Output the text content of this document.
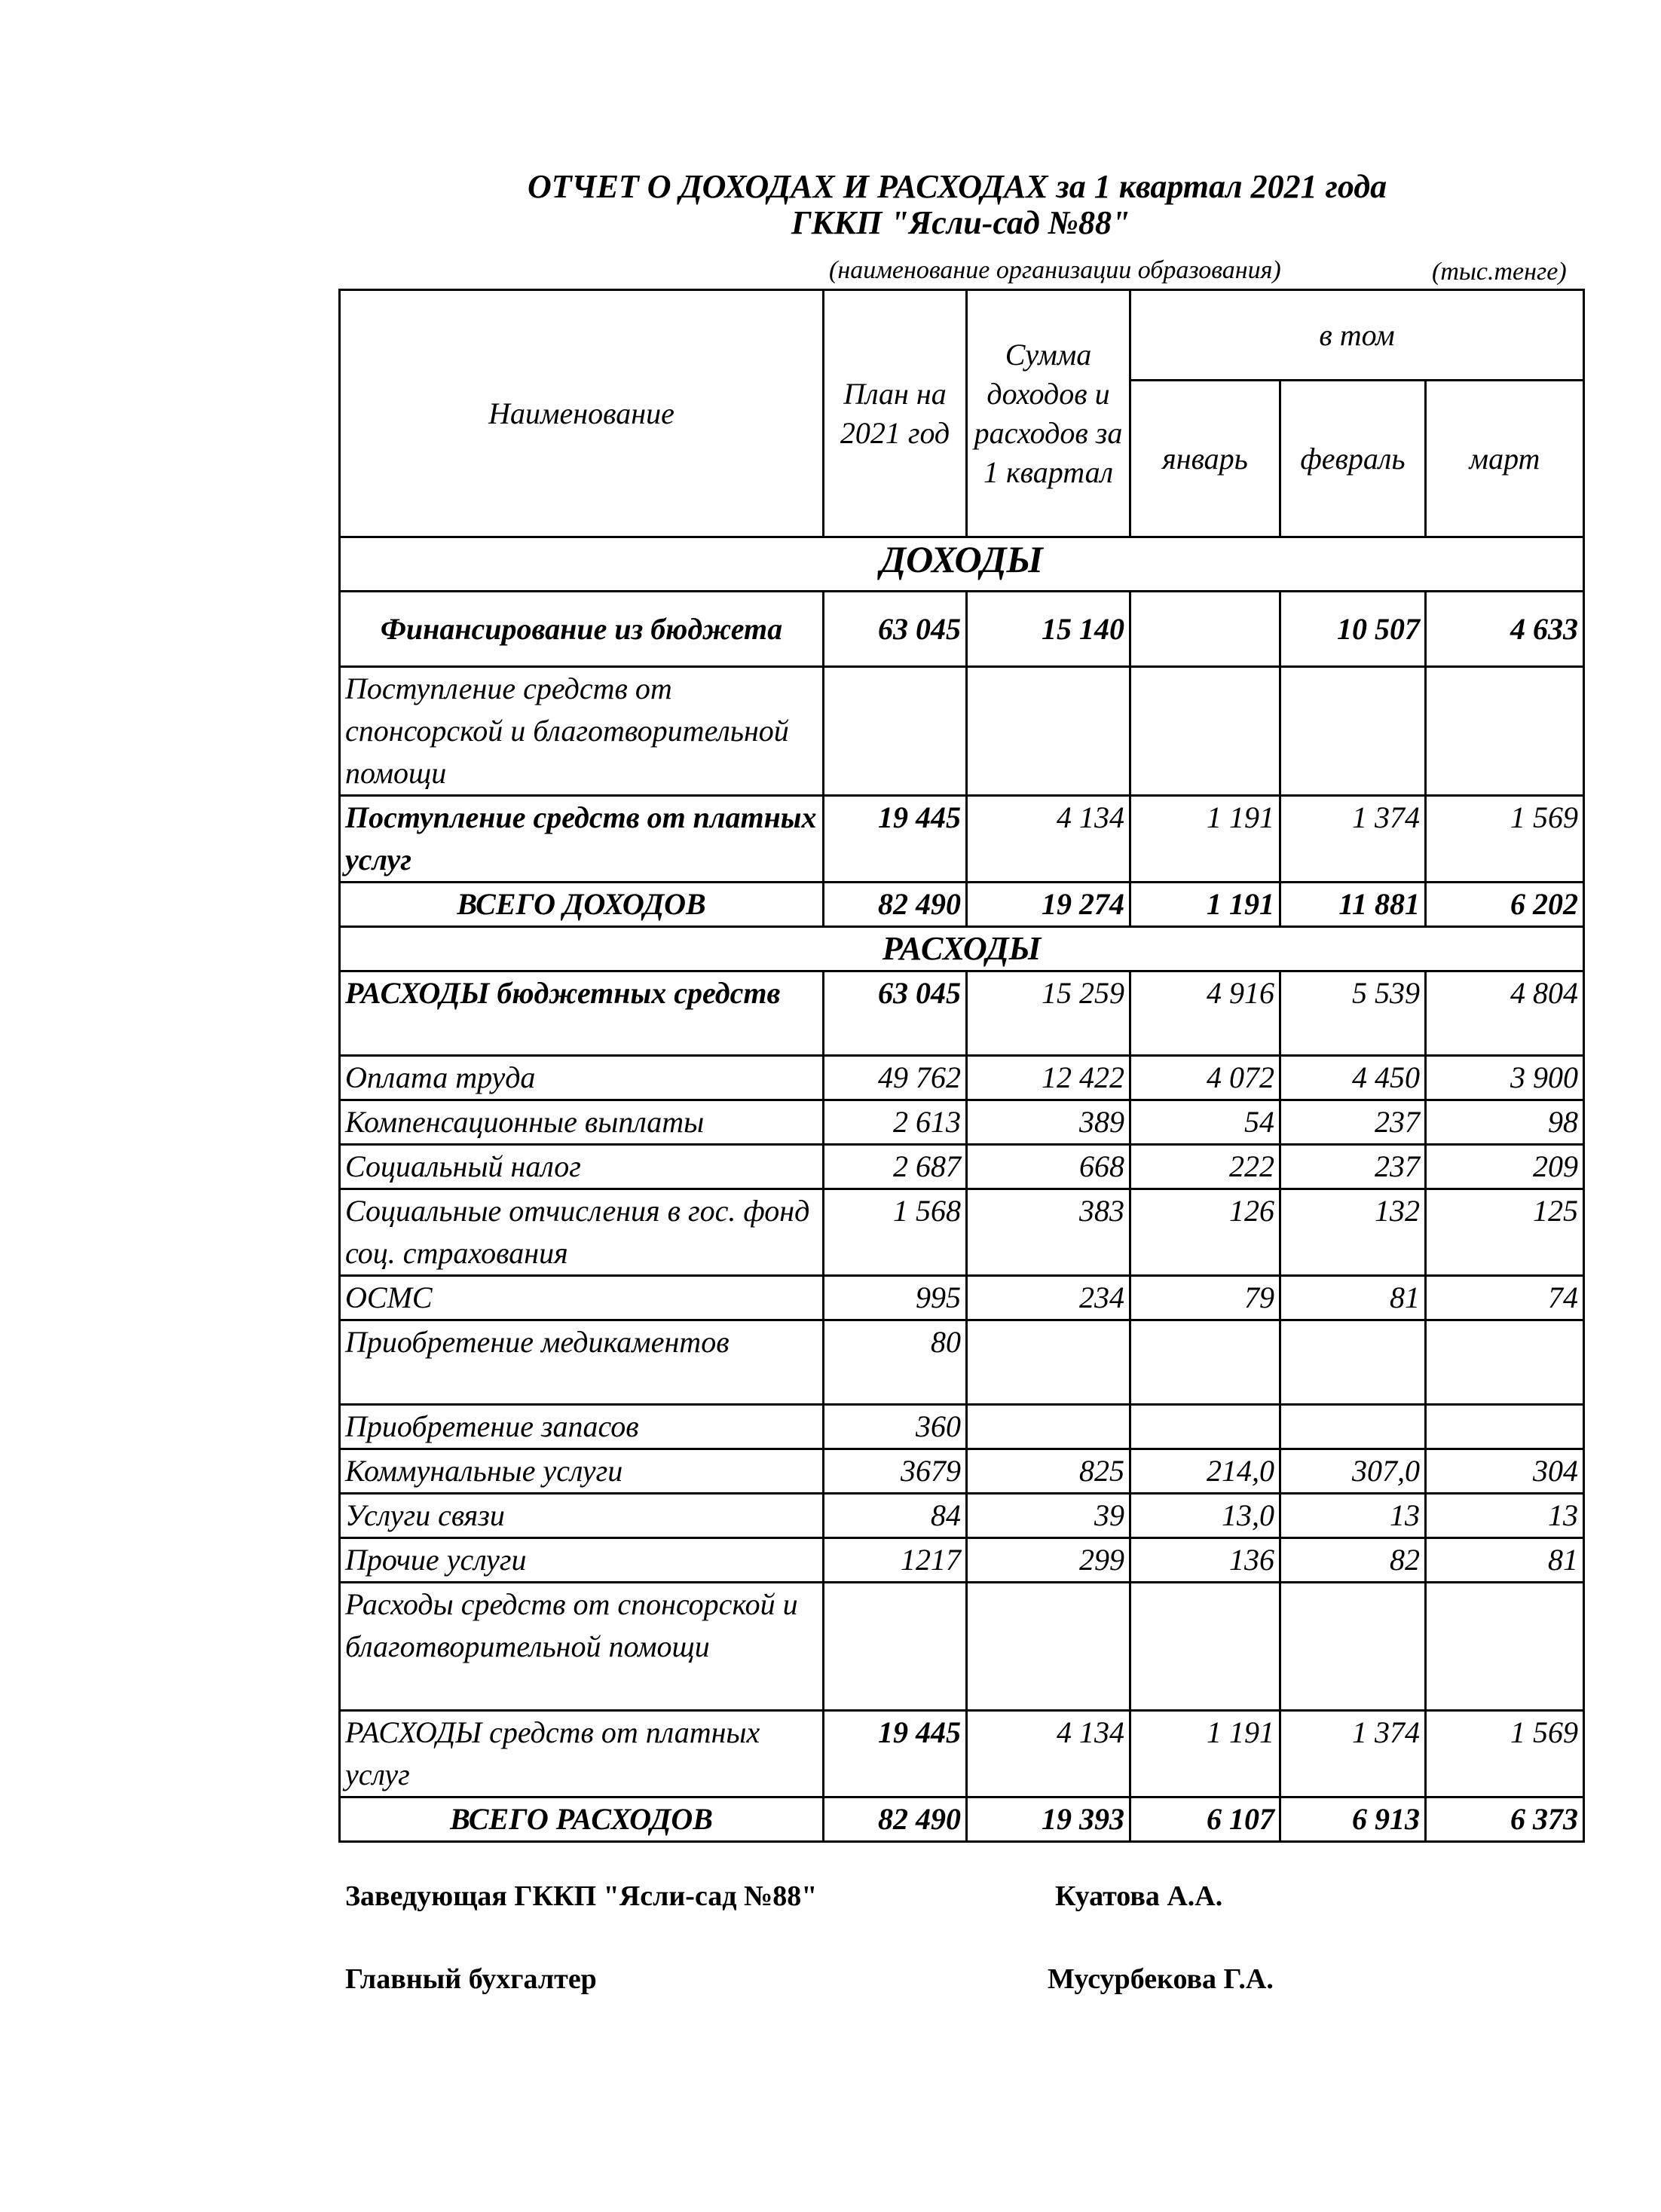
ОТЧЕТ О ДОХОДАХ И РАСХОДАХ за 1 квартал 2021 года
ГККП "Ясли-сад №88"
(наименование организации образования)	(тыс.тенге)
Наименование	План на 2021 год	Сумма доходов и расходов за 1 квартал	в том		
			январь	февраль	март
ДОХОДЫ					
Финансирование из бюджета	63 045	15 140		10 507	4 633
Поступление средств от спонсорской и благотворительной помощи					
Поступление средств от платных услуг	19 445	4 134	1 191	1 374	1 569
ВСЕГО ДОХОДОВ	82 490	19 274	1 191	11 881	6 202
РАСХОДЫ					
РАСХОДЫ бюджетных средств	63 045	15 259	4 916	5 539	4 804
Оплата труда	49 762	12 422	4 072	4 450	3 900
Компенсационные выплаты	2 613	389	54	237	98
Социальный налог	2 687	668	222	237	209
Социальные отчисления в гос. фонд соц. страхования	1 568	383	126	132	125
ОСМС	995	234	79	81	74
Приобретение медикаментов	80				
Приобретение запасов	360				
Коммунальные услуги	3679	825	214,0	307,0	304
Услуги связи	84	39	13,0	13	13
Прочие услуги	1217	299	136	82	81
Расходы средств от спонсорской и благотворительной помощи					
РАСХОДЫ средств от платных услуг	19 445	4 134	1 191	1 374	1 569
ВСЕГО РАСХОДОВ	82 490	19 393	6 107	6 913	6 373
Заведующая ГККП "Ясли-сад №88"	Куатова А.А.
Главный бухгалтер	Мусурбекова Г.А.
